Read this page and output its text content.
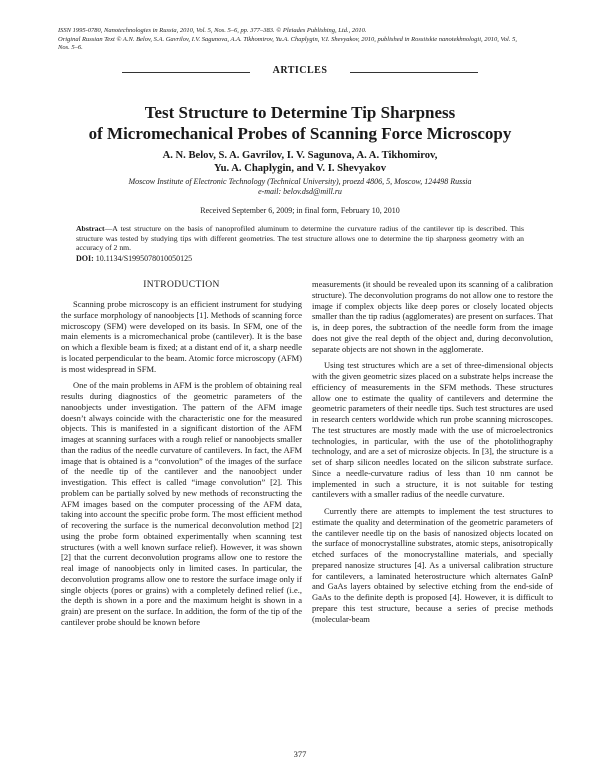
ISSN 1995-0780, Nanotechnologies in Russia, 2010, Vol. 5, Nos. 5–6, pp. 377–383. © Pleiades Publishing, Ltd., 2010.
Original Russian Text © A.N. Belov, S.A. Gavrilov, I.V. Sagunova, A.A. Tikhomirov, Yu.A. Chaplygin, V.I. Shevyakov, 2010, published in Rossiiskie nanotekhnologii, 2010, Vol. 5,
Nos. 5–6.
ARTICLES
Test Structure to Determine Tip Sharpness
of Micromechanical Probes of Scanning Force Microscopy
A. N. Belov, S. A. Gavrilov, I. V. Sagunova, A. A. Tikhomirov,
Yu. A. Chaplygin, and V. I. Shevyakov
Moscow Institute of Electronic Technology (Technical University), proezd 4806, 5, Moscow, 124498 Russia
e-mail: belov.dsd@mill.ru
Received September 6, 2009; in final form, February 10, 2010
Abstract—A test structure on the basis of nanoprofiled aluminum to determine the curvature radius of the cantilever tip is described. This structure was tested by studying tips with different geometries. The test structure allows one to determine the tip sharpness geometry with an accuracy of 2 nm.
DOI: 10.1134/S1995078010050125
INTRODUCTION

Scanning probe microscopy is an efficient instrument for studying the surface morphology of nanoobjects [1]. Methods of scanning force microscopy (SFM) were developed on its basis. In SFM, one of the main elements is a micromechanical probe (cantilever). It is the base on which a flexible beam is fixed; at a distant end of it, a sharp needle is located perpendicular to the beam. Atomic force microscopy (AFM) is most widespread in SFM.

One of the main problems in AFM is the problem of obtaining real results during diagnostics of the geometric parameters of the nanoobjects under investigation. The pattern of the AFM image doesn’t always coincide with the characteristic one for the measured objects. This is manifested in a significant distortion of the AFM images at scanning surfaces with a rough relief or nanoobjects smaller than the radius of the needle curvature of cantilevers. In fact, the AFM image that is obtained is a “convolution” of the images of the surface of the needle tip of the cantilever and the nanoobject under investigation. This effect is called “image convolution” [2]. This problem can be partially solved by new methods of reconstructing the AFM images based on the computer processing of the AFM data, taking into account the specific probe form. The most efficient method of recovering the surface is the numerical deconvolution method [2] using the probe form obtained experimentally when scanning test structures (with a well known surface relief). However, it was shown [2] that the current deconvolution programs allow one to restore the real image of nanoobjects only in limited cases. In particular, the deconvolution programs allow one to restore the surface image only if single objects (pores or grains) with a completely defined relief (i.e., the depth is shown in a pore and the maximum height is shown in a grain) are present on the surface. In addition, the form of the tip of the cantilever probe should be known before

measurements (it should be revealed upon its scanning of a calibration structure). The deconvolution programs do not allow one to restore the image if complex objects like deep pores or closely located objects smaller than the tip radius (agglomerates) are present on surfaces. That is, in deep pores, the subtraction of the needle form from the image does not give the real depth of the object and, during deconvolution, separate objects are not shown in the agglomerate.

Using test structures which are a set of three-dimensional objects with the given geometric sizes placed on a substrate helps increase the efficiency of measurements in the SFM methods. These structures allow one to estimate the quality of cantilevers and determine the geometric parameters of their needle tips. Such test structures are used in research centers worldwide which run probe scanning microscopes. The test structures are mostly made with the use of microelectronics technologies, in particular, with the use of the photolithography technology, and are a set of microsize objects. In [3], the structure is a set of sharp silicon needles located on the silicon substrate surface. Since a needle-curvature radius of less than 10 nm cannot be implemented in such a structure, it is not suitable for testing cantilevers with a smaller radius of the needle curvature.

Currently there are attempts to implement the test structures to estimate the quality and determination of the geometric parameters of the cantilever needle tip on the basis of nanosized objects located on the surface of monocrystalline substrates, atomic steps, anisotropically etched surfaces of the monocrystalline materials, and specially prepared nanosize structures [4]. As a universal calibration structure for cantilevers, a laminated heterostructure which alternates GaInP and GaAs layers obtained by selective etching from the end-side of GaAs to the definite depth is proposed [4]. However, it is difficult to prepare this test structure, because a series of precise methods (molecular-beam

377
